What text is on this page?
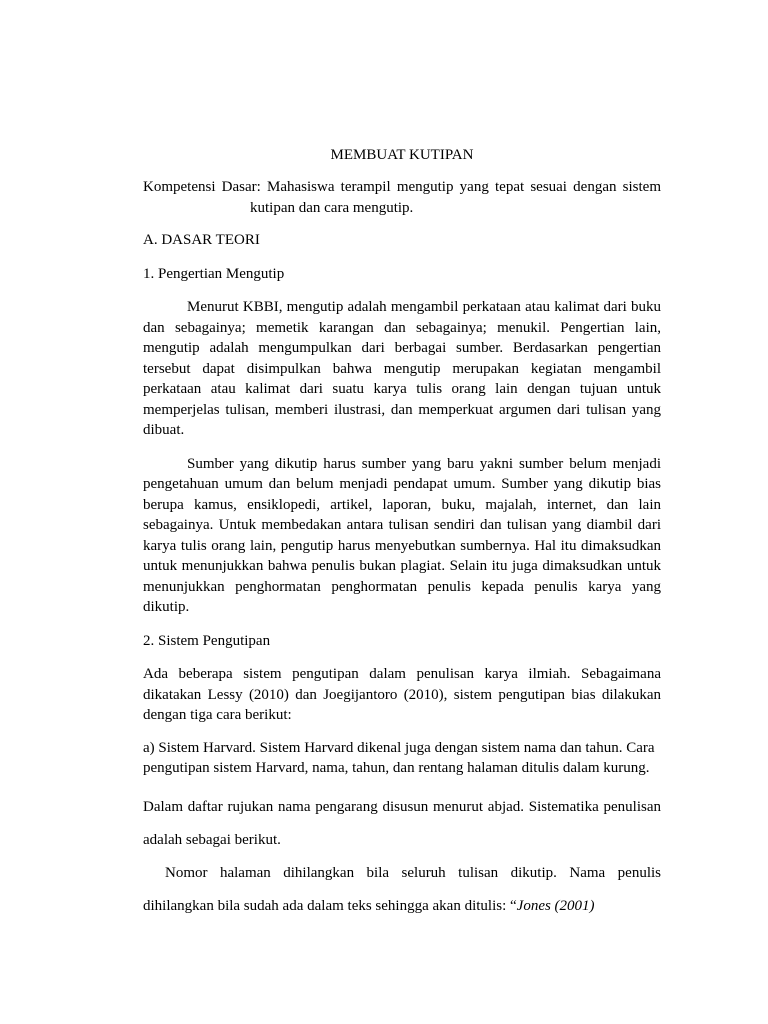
MEMBUAT KUTIPAN

Kompetensi Dasar: Mahasiswa terampil mengutip yang tepat sesuai dengan sistem

kutipan dan cara mengutip.

A. DASAR TEORI

1. Pengertian Mengutip

Menurut KBBI, mengutip adalah mengambil perkataan atau kalimat dari buku dan sebagainya; memetik karangan dan sebagainya; menukil. Pengertian lain, mengutip adalah mengumpulkan dari berbagai sumber. Berdasarkan pengertian tersebut dapat disimpulkan bahwa mengutip merupakan kegiatan mengambil perkataan atau kalimat dari suatu karya tulis orang lain dengan tujuan untuk memperjelas tulisan, memberi ilustrasi, dan memperkuat argumen dari tulisan yang dibuat.

Sumber yang dikutip harus sumber yang baru yakni sumber belum menjadi pengetahuan umum dan belum menjadi pendapat umum. Sumber yang dikutip bias berupa kamus, ensiklopedi, artikel, laporan, buku, majalah, internet, dan lain sebagainya. Untuk membedakan antara tulisan sendiri dan tulisan yang diambil dari karya tulis orang lain, pengutip harus menyebutkan sumbernya. Hal itu dimaksudkan untuk menunjukkan bahwa penulis bukan plagiat. Selain itu juga dimaksudkan untuk menunjukkan penghormatan penghormatan penulis kepada penulis karya yang dikutip.

2. Sistem Pengutipan

Ada beberapa sistem pengutipan dalam penulisan karya ilmiah. Sebagaimana dikatakan Lessy (2010) dan Joegijantoro (2010), sistem pengutipan bias dilakukan dengan tiga cara berikut:

a) Sistem Harvard. Sistem Harvard dikenal juga dengan sistem nama dan tahun. Cara pengutipan sistem Harvard, nama, tahun, dan rentang halaman ditulis dalam kurung.

Dalam daftar rujukan nama pengarang disusun menurut abjad. Sistematika penulisan adalah sebagai berikut.

Nomor halaman dihilangkan bila seluruh tulisan dikutip. Nama penulis dihilangkan bila sudah ada dalam teks sehingga akan ditulis: “Jones (2001)
